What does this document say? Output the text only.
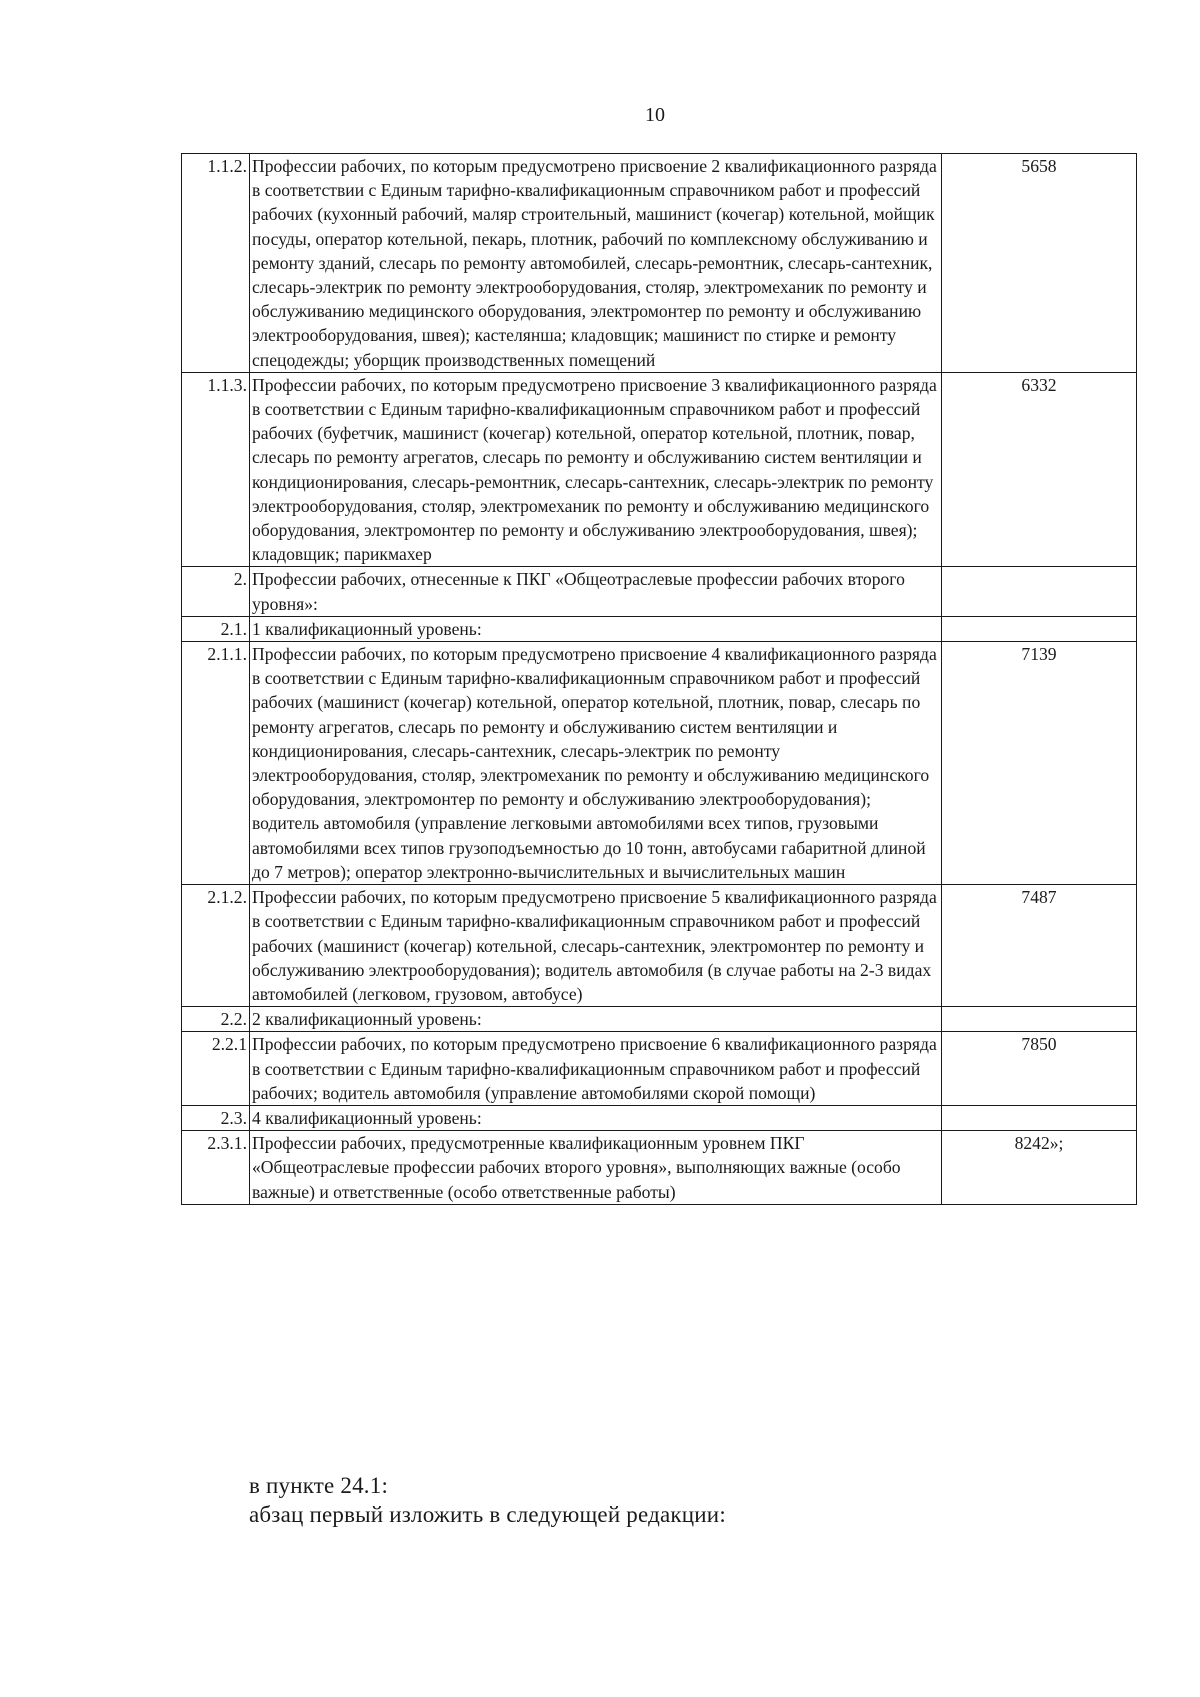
10
1.1.2.	Профессии рабочих, по которым предусмотрено присвоение 2 квалификационного разряда в соответствии с Единым тарифно-квалификационным справочником работ и профессий рабочих (кухонный рабочий, маляр строительный, машинист (кочегар) котельной, мойщик посуды, оператор котельной, пекарь, плотник, рабочий по комплексному обслуживанию и ремонту зданий, слесарь по ремонту автомобилей, слесарь-ремонтник, слесарь-сантехник, слесарь-электрик по ремонту электрооборудования, столяр, электромеханик по ремонту и обслуживанию медицинского оборудования, электромонтер по ремонту и обслуживанию электрооборудования, швея); кастелянша; кладовщик; машинист по стирке и ремонту спецодежды; уборщик производственных помещений	5658
1.1.3.	Профессии рабочих, по которым предусмотрено присвоение 3 квалификационного разряда в соответствии с Единым тарифно-квалификационным справочником работ и профессий рабочих (буфетчик, машинист (кочегар) котельной, оператор котельной, плотник, повар, слесарь по ремонту агрегатов, слесарь по ремонту и обслуживанию систем вентиляции и кондиционирования, слесарь-ремонтник, слесарь-сантехник, слесарь-электрик по ремонту электрооборудования, столяр, электромеханик по ремонту и обслуживанию медицинского оборудования, электромонтер по ремонту и обслуживанию электрооборудования, швея); кладовщик; парикмахер	6332
2.	Профессии рабочих, отнесенные к ПКГ «Общеотраслевые профессии рабочих второго уровня»:	
2.1.	1 квалификационный уровень:	
2.1.1.	Профессии рабочих, по которым предусмотрено присвоение 4 квалификационного разряда в соответствии с Единым тарифно-квалификационным справочником работ и профессий рабочих (машинист (кочегар) котельной, оператор котельной, плотник, повар, слесарь по ремонту агрегатов, слесарь по ремонту и обслуживанию систем вентиляции и кондиционирования, слесарь-сантехник, слесарь-электрик по ремонту электрооборудования, столяр, электромеханик по ремонту и обслуживанию медицинского оборудования, электромонтер по ремонту и обслуживанию электрооборудования); водитель автомобиля (управление легковыми автомобилями всех типов, грузовыми автомобилями всех типов грузоподъемностью до 10 тонн, автобусами габаритной длиной до 7 метров); оператор электронно-вычислительных и вычислительных машин	7139
2.1.2.	Профессии рабочих, по которым предусмотрено присвоение 5 квалификационного разряда в соответствии с Единым тарифно-квалификационным справочником работ и профессий рабочих (машинист (кочегар) котельной, слесарь-сантехник, электромонтер по ремонту и обслуживанию электрооборудования); водитель автомобиля (в случае работы на 2-3 видах автомобилей (легковом, грузовом, автобусе)	7487
2.2.	2 квалификационный уровень:	
2.2.1	Профессии рабочих, по которым предусмотрено присвоение 6 квалификационного разряда в соответствии с Единым тарифно-квалификационным справочником работ и профессий рабочих; водитель автомобиля (управление автомобилями скорой помощи)	7850
2.3.	4 квалификационный уровень:	
2.3.1.	Профессии рабочих, предусмотренные квалификационным уровнем ПКГ «Общеотраслевые профессии рабочих второго уровня», выполняющих важные (особо важные) и ответственные (особо ответственные работы)	8242»;
в пункте 24.1:
абзац первый изложить в следующей редакции:
